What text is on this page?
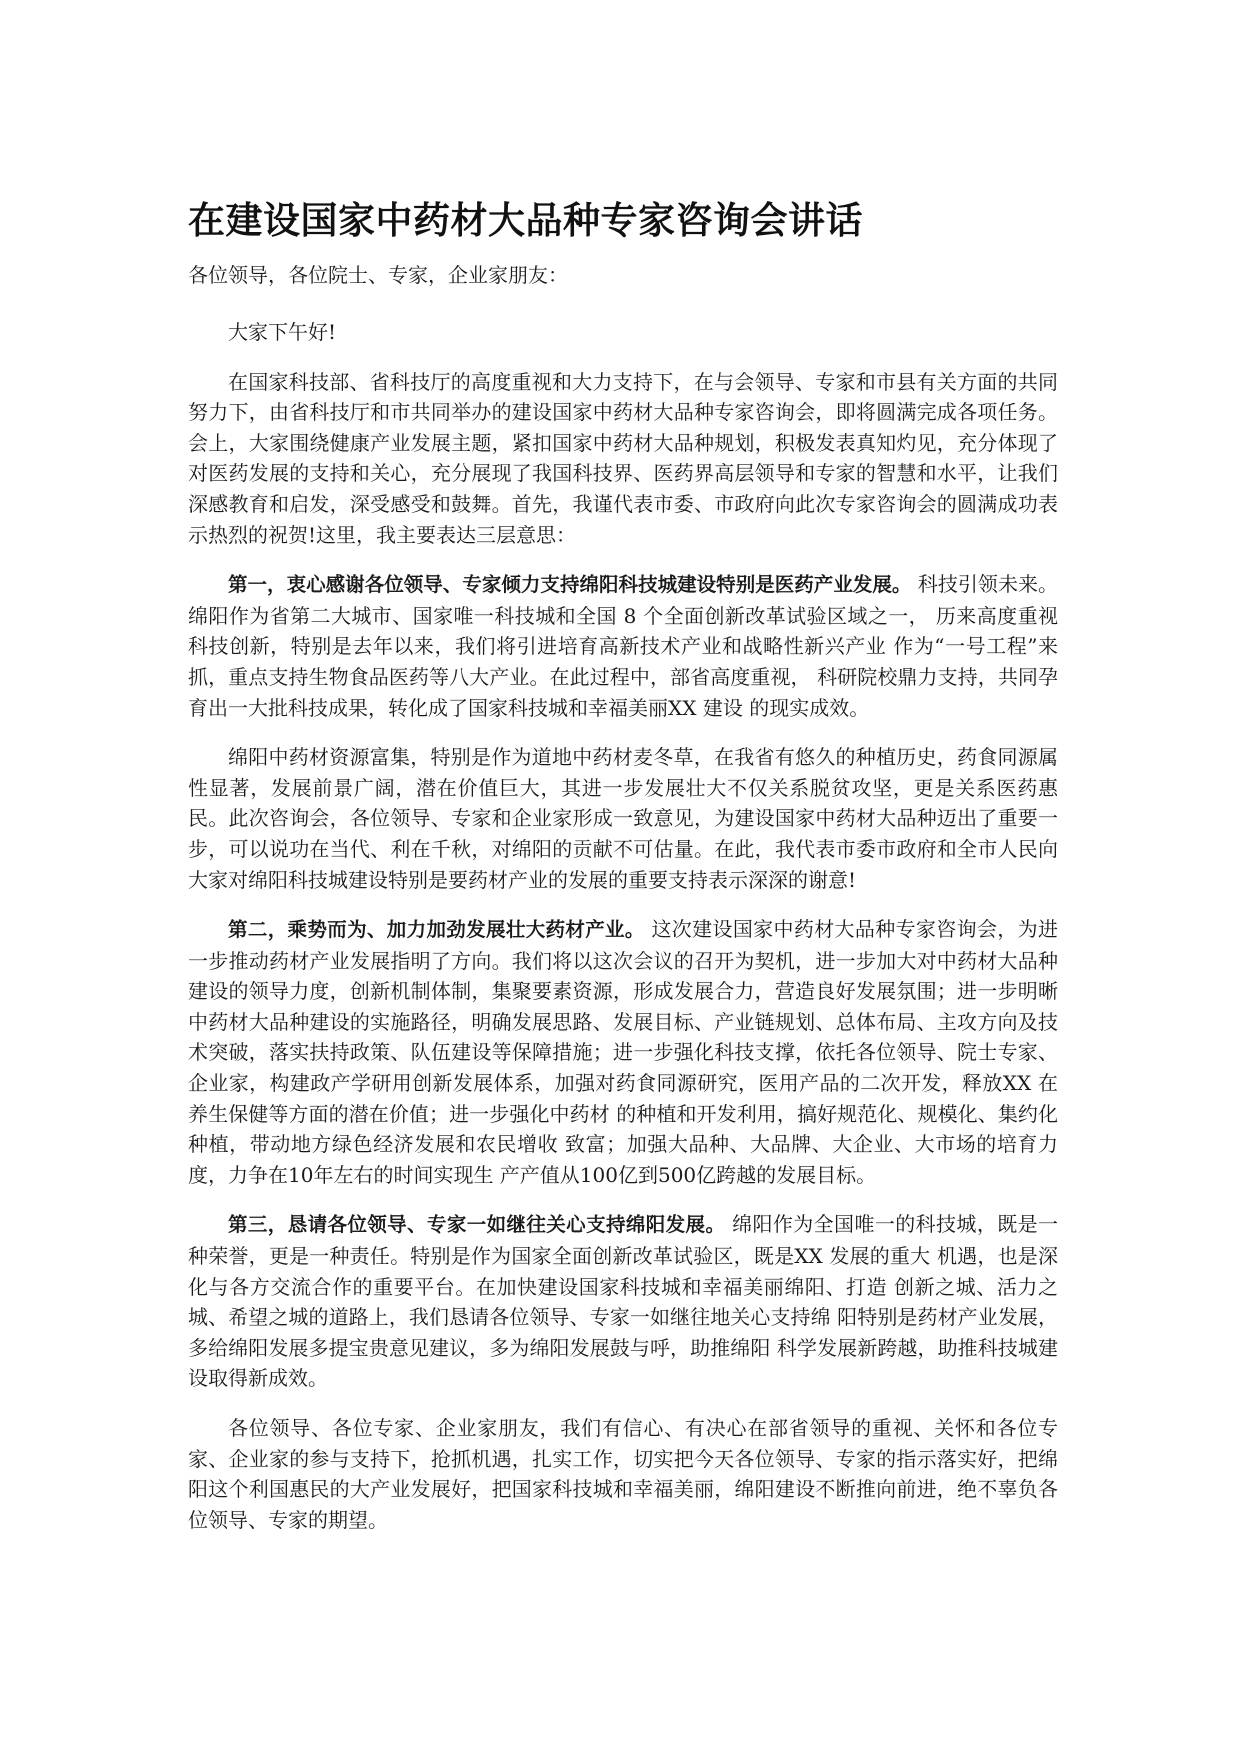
在建设国家中药材大品种专家咨询会讲话

各位领导，各位院士、专家，企业家朋友：

大家下午好!

在国家科技部、省科技厅的高度重视和大力支持下，在与会领导、专家和市县有关方面的共同努力下，由省科技厅和市共同举办的建设国家中药材大品种专家咨询会，即将圆满完成各项任务。会上，大家围绕健康产业发展主题，紧扣国家中药材大品种规划，积极发表真知灼见，充分体现了对医药发展的支持和关心，充分展现了我国科技界、医药界高层领导和专家的智慧和水平，让我们深感教育和启发，深受感受和鼓舞。首先，我谨代表市委、市政府向此次专家咨询会的圆满成功表示热烈的祝贺!这里，我主要表达三层意思：

第一，衷心感谢各位领导、专家倾力支持绵阳科技城建设特别是医药产业发展。 科技引领未来。绵阳作为省第二大城市、国家唯一科技城和全国 8 个全面创新改革试验区域之一， 历来高度重视科技创新，特别是去年以来，我们将引进培育高新技术产业和战略性新兴产业 作为“一号工程”来抓，重点支持生物食品医药等八大产业。在此过程中，部省高度重视， 科研院校鼎力支持，共同孕育出一大批科技成果，转化成了国家科技城和幸福美丽XX 建设 的现实成效。

绵阳中药材资源富集，特别是作为道地中药材麦冬草，在我省有悠久的种植历史，药食同源属性显著，发展前景广阔，潜在价值巨大，其进一步发展壮大不仅关系脱贫攻坚，更是关系医药惠民。此次咨询会，各位领导、专家和企业家形成一致意见，为建设国家中药材大品种迈出了重要一步，可以说功在当代、利在千秋，对绵阳的贡献不可估量。在此，我代表市委市政府和全市人民向大家对绵阳科技城建设特别是要药材产业的发展的重要支持表示深深的谢意!

第二，乘势而为、加力加劲发展壮大药材产业。 这次建设国家中药材大品种专家咨询会，为进一步推动药材产业发展指明了方向。我们将以这次会议的召开为契机，进一步加大对中药材大品种建设的领导力度，创新机制体制，集聚要素资源，形成发展合力，营造良好发展氛围；进一步明晰中药材大品种建设的实施路径，明确发展思路、发展目标、产业链规划、总体布局、主攻方向及技术突破，落实扶持政策、队伍建设等保障措施；进一步强化科技支撑，依托各位领导、院士专家、企业家，构建政产学研用创新发展体系，加强对药食同源研究，医用产品的二次开发，释放XX 在养生保健等方面的潜在价值；进一步强化中药材 的种植和开发利用，搞好规范化、规模化、集约化种植，带动地方绿色经济发展和农民增收 致富；加强大品种、大品牌、大企业、大市场的培育力度，力争在10年左右的时间实现生 产产值从100亿到500亿跨越的发展目标。

第三，恳请各位领导、专家一如继往关心支持绵阳发展。 绵阳作为全国唯一的科技城，既是一种荣誉，更是一种责任。特别是作为国家全面创新改革试验区，既是XX 发展的重大 机遇，也是深化与各方交流合作的重要平台。在加快建设国家科技城和幸福美丽绵阳、打造 创新之城、活力之城、希望之城的道路上，我们恳请各位领导、专家一如继往地关心支持绵 阳特别是药材产业发展，多给绵阳发展多提宝贵意见建议，多为绵阳发展鼓与呼，助推绵阳 科学发展新跨越，助推科技城建设取得新成效。

各位领导、各位专家、企业家朋友，我们有信心、有决心在部省领导的重视、关怀和各位专家、企业家的参与支持下，抢抓机遇，扎实工作，切实把今天各位领导、专家的指示落实好，把绵阳这个利国惠民的大产业发展好，把国家科技城和幸福美丽，绵阳建设不断推向前进，绝不辜负各位领导、专家的期望。
